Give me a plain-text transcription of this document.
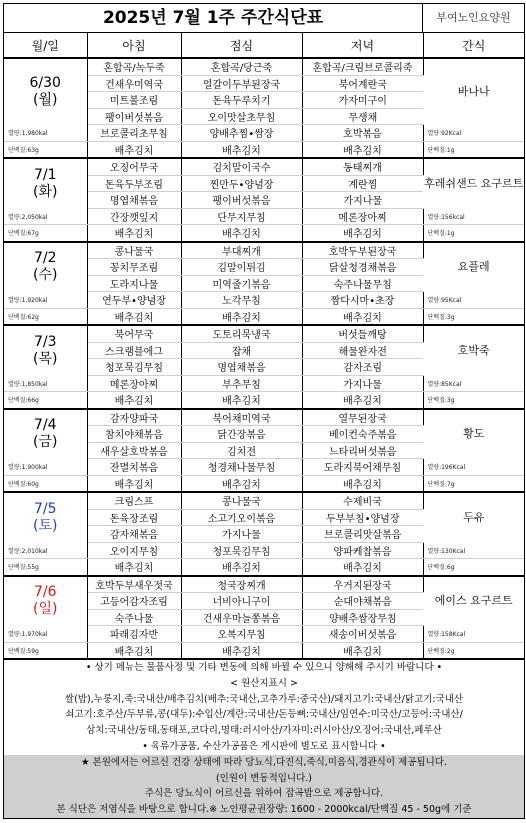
2025년 7월 1주 주간식단표	부여노인요양원
월/일	아침	점심	저녁	간식

6/30
(월)	혼합곡/녹두죽	혼합곡/당근죽	혼합곡/크림브로콜리죽	바나나
	건새우미역국	얼갈이두부된장국	북어계란국	
	미트볼조림	돈육두루치기	가자미구이	
	팽이버섯볶음	오이맛살초무침	무생채	
열량:1,980kal	브로콜리초무침	양배추찜•쌈장	호박볶음	열량:92Kcal
단백질:63g	배추김치	배추김치	배추김치	단백질:1g

7/1
(화)	오징어무국	김치말이국수	동태찌개	후레쉬샌드 요구르트
	돈육두부조림	찐만두•양념장	계란찜	
	명엽채볶음	팽이버섯볶음	가지나물	
열량:2,050kal	간장깻잎지	단무지무침	메론장아찌	열량:156kcal
단백질:67g	배추김치	배추김치	배추김치	단백질:1g

7/2
(수)	콩나물국	부대찌개	호박두부된장국	요플레
	꽁치무조림	김말이튀김	닭살청경채볶음	
	도라지나물	미역줄기볶음	숙주나물무침	
열량:1,920kal	연두부•양념장	노각무침	짬다시마•초장	열량:95Kcal
단백질:62g	배추김치	배추김치	배추김치	단백질:3g

7/3
(목)	북어무국	도토리묵냉국	버섯들깨탕	호박죽
	스크램블에그	잡채	해물완자전	
	청포묵김무침	명엽채볶음	감자조림	
열량:1,850kal	메론장아찌	부추무침	가지나물	열량:85Kcal
단백질:66g	배추김치	배추김치	배추김치	단백질:3g

7/4
(금)	감자양파국	북어채미역국	열무된장국	황도
	참치야채볶음	닭간장볶음	베이컨숙주볶음	
	새우살호박볶음	김치전	느타리버섯볶음	
열량:1,900kal	잔멸치볶음	청경채나물무침	도라지북어채무침	열량:196Kcal
단백질:60g	배추김치	배추김치	배추김치	단백질:7g

7/5
(토)	크림스프	콩나물국	수제비국	두유
	돈육장조림	소고기오이볶음	두부부침•양념장	
	감자채볶음	가지나물	브로콜리맛살볶음	
열량:2,010kal	오이지무침	청포묵김무침	양파케찹볶음	열량:130Kcal
단백질:55g	배추김치	배추김치	배추김치	단백질:6g

7/6
(일)	호박두부새우젓국	청국장찌개	우거지된장국	에이스 요구르트
	고등어감자조림	너비아니구이	순대야채볶음	
	숙주나물	건새우마늘쫑볶음	양배추쌈장무침	
열량:1,970kal	파래김자반	오복지무침	새송이버섯볶음	열량:158Kcal
단백질:59g	배추김치	배추김치	배추김치	단백질:2g
• 상기 메뉴는 물품사정 및 기타 변동에 의해 바뀔 수 있으니 양해해 주시기 바랍니다 •
< 원산지표시 >
쌀(밥),누룽지,죽:국내산/배추김치(배추:국내산,고추가루:중국산)/돼지고기:국내산/닭고기:국내산
쇠고기:호주산/두부류,콩(대두):수입산/계란:국내산/돈등뼈:국내산/임연수:미국산/고등어:국내산/
삼치:국내산/동태,동태포,코다리,명태:러시아산/가자미:러시아산/오징어:국내산,페루산
• 육류가공품, 수산가공품은 게시판에 별도로 표시합니다 •
★ 본원에서는 어르신 건강 상태에 따라 당뇨식,다진식,죽식,미음식,경관식이 제공됩니다.
(인원이 변동적입니다.)
주식은 당뇨식이 어르신을 위하여 잡곡밥으로 제공합니다.
본 식단은 저염식을 바탕으로 합니다.※ 노인평균권장량: 1600 - 2000kcal/단백질 45 - 50g에 기준
